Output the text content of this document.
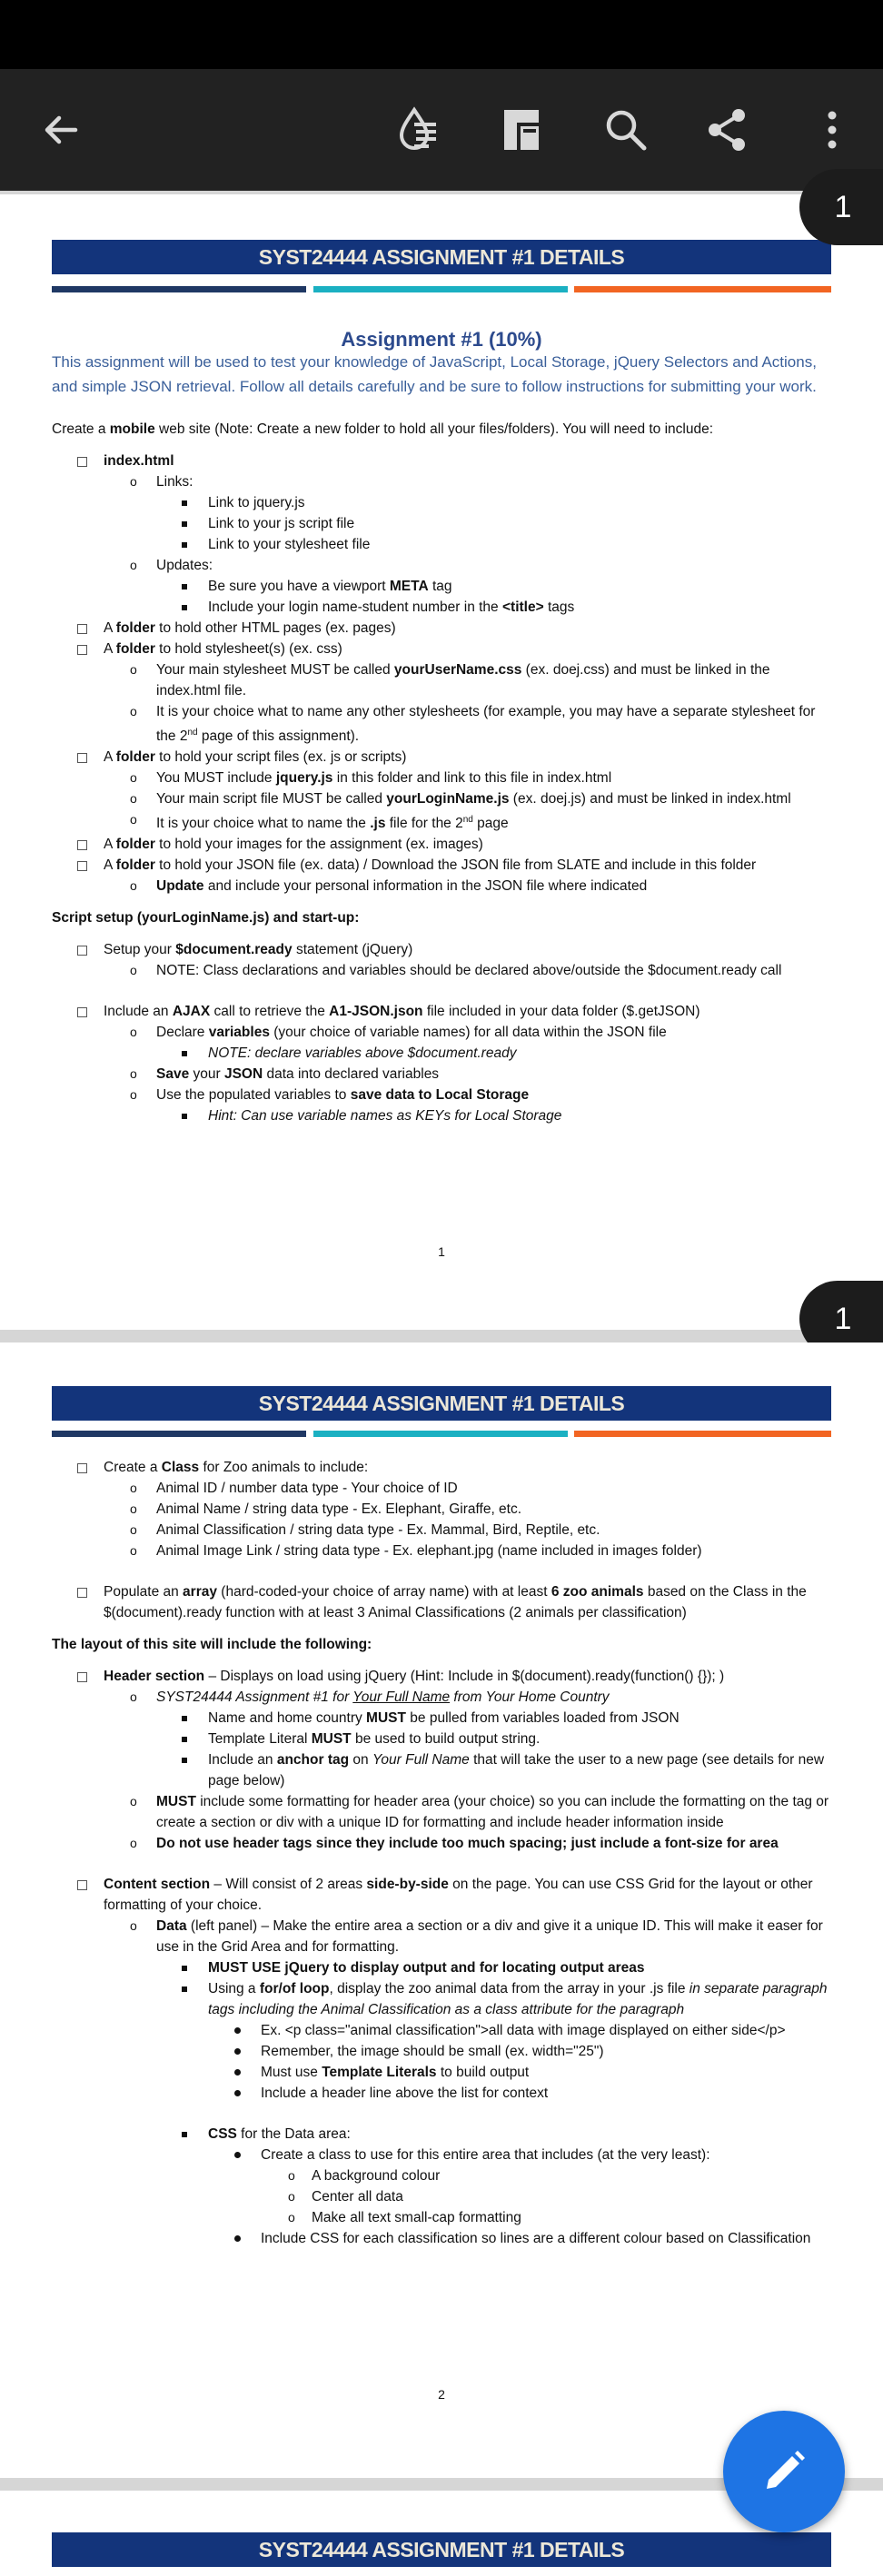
SYST24444 ASSIGNMENT #1 DETAILS

Assignment #1 (10%)

This assignment will be used to test your knowledge of JavaScript, Local Storage, jQuery Selectors and Actions, and simple JSON retrieval. Follow all details carefully and be sure to follow instructions for submitting your work.

Create a mobile web site (Note: Create a new folder to hold all your files/folders). You will need to include:

index.html
o Links:
Link to jquery.js
Link to your js script file
Link to your stylesheet file
o Updates:
Be sure you have a viewport META tag
Include your login name-student number in the <title> tags
A folder to hold other HTML pages (ex. pages)
A folder to hold stylesheet(s) (ex. css)
o Your main stylesheet MUST be called yourUserName.css (ex. doej.css) and must be linked in the index.html file.
o It is your choice what to name any other stylesheets (for example, you may have a separate stylesheet for the 2nd page of this assignment).
A folder to hold your script files (ex. js or scripts)
o You MUST include jquery.js in this folder and link to this file in index.html
o Your main script file MUST be called yourLoginName.js (ex. doej.js) and must be linked in index.html
o It is your choice what to name the .js file for the 2nd page
A folder to hold your images for the assignment (ex. images)
A folder to hold your JSON file (ex. data) / Download the JSON file from SLATE and include in this folder
o Update and include your personal information in the JSON file where indicated

Script setup (yourLoginName.js) and start-up:

Setup your $document.ready statement (jQuery)
o NOTE: Class declarations and variables should be declared above/outside the $document.ready call
Include an AJAX call to retrieve the A1-JSON.json file included in your data folder ($.getJSON)
o Declare variables (your choice of variable names) for all data within the JSON file
NOTE: declare variables above $document.ready
o Save your JSON data into declared variables
o Use the populated variables to save data to Local Storage
Hint: Can use variable names as KEYs for Local Storage
1
1
1
SYST24444 ASSIGNMENT #1 DETAILS
Create a Class for Zoo animals to include:
o Animal ID / number data type - Your choice of ID
o Animal Name / string data type - Ex. Elephant, Giraffe, etc.
o Animal Classification / string data type - Ex. Mammal, Bird, Reptile, etc.
o Animal Image Link / string data type - Ex. elephant.jpg (name included in images folder)
Populate an array (hard-coded-your choice of array name) with at least 6 zoo animals based on the Class in the $(document).ready function with at least 3 Animal Classifications (2 animals per classification)

The layout of this site will include the following:

Header section – Displays on load using jQuery (Hint: Include in $(document).ready(function() {}); )
o SYST24444 Assignment #1 for Your Full Name from Your Home Country
Name and home country MUST be pulled from variables loaded from JSON
Template Literal MUST be used to build output string.
Include an anchor tag on Your Full Name that will take the user to a new page (see details for new page below)
o MUST include some formatting for header area (your choice) so you can include the formatting on the tag or create a section or div with a unique ID for formatting and include header information inside
o Do not use header tags since they include too much spacing; just include a font-size for area
Content section – Will consist of 2 areas side-by-side on the page. You can use CSS Grid for the layout or other formatting of your choice.
o Data (left panel) – Make the entire area a section or a div and give it a unique ID. This will make it easer for use in the Grid Area and for formatting.
MUST USE jQuery to display output and for locating output areas
Using a for/of loop, display the zoo animal data from the array in your .js file in separate paragraph tags including the Animal Classification as a class attribute for the paragraph
Ex. <p class="animal classification">all data with image displayed on either side</p>
Remember, the image should be small (ex. width="25")
Must use Template Literals to build output
Include a header line above the list for context
CSS for the Data area:
Create a class to use for this entire area that includes (at the very least):
o A background colour
o Center all data
o Make all text small-cap formatting
Include CSS for each classification so lines are a different colour based on Classification
2
SYST24444 ASSIGNMENT #1 DETAILS
